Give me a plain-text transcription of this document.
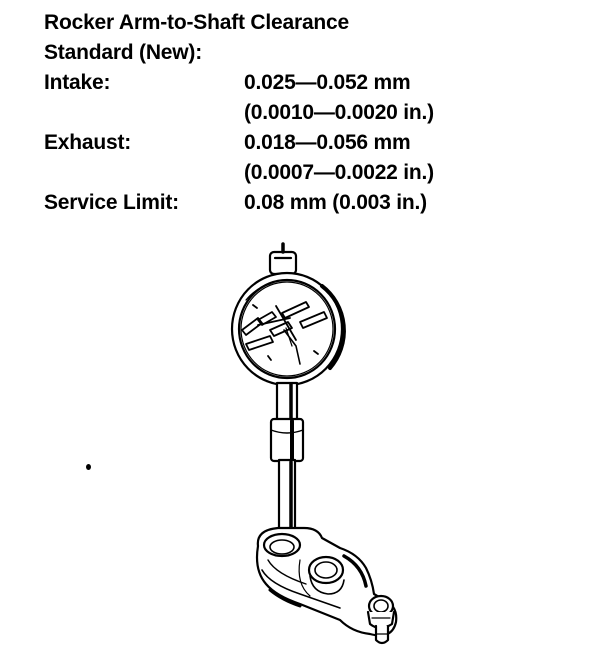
Rocker Arm-to-Shaft Clearance
Standard (New):
Intake:	0.025—0.052 mm
(0.0010—0.0020 in.)
Exhaust:	0.018—0.056 mm
(0.0007—0.0022 in.)
Service Limit:	0.08 mm (0.003 in.)
